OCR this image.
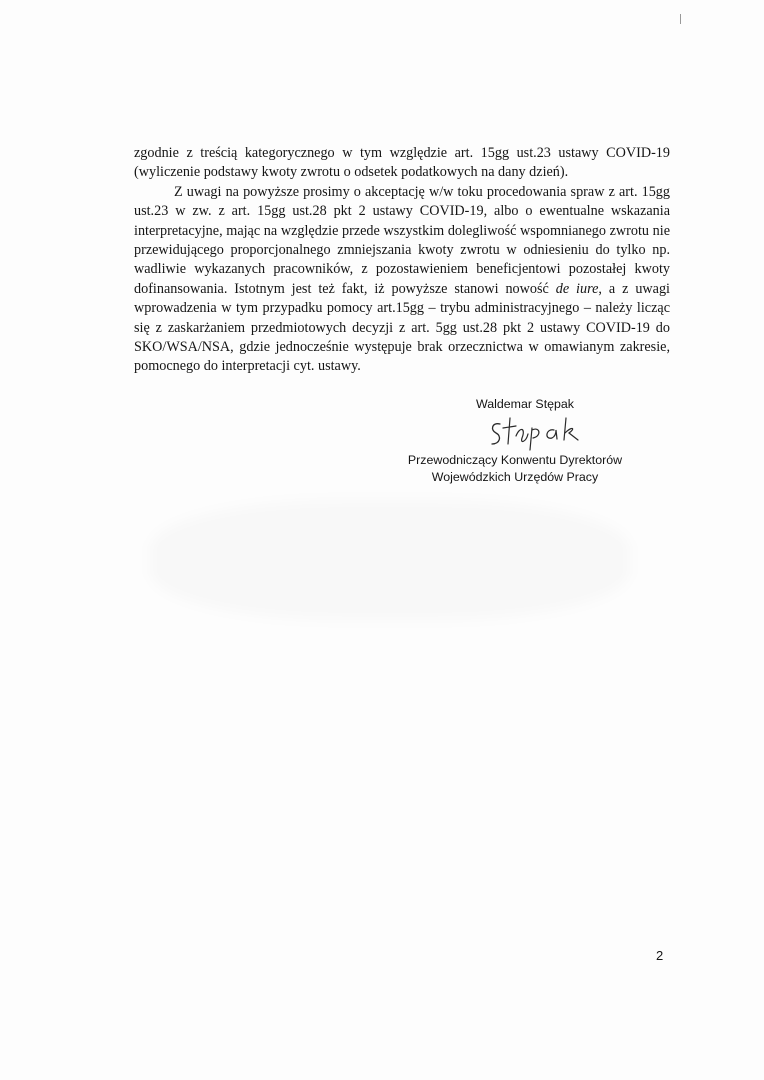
zgodnie z treścią kategorycznego w tym względzie art. 15gg ust.23 ustawy COVID-19 (wyliczenie podstawy kwoty zwrotu o odsetek podatkowych na dany dzień).

Z uwagi na powyższe prosimy o akceptację w/w toku procedowania spraw z art. 15gg ust.23 w zw. z art. 15gg ust.28 pkt 2 ustawy COVID-19, albo o ewentualne wskazania interpretacyjne, mając na względzie przede wszystkim dolegliwość wspomnianego zwrotu nie przewidującego proporcjonalnego zmniejszania kwoty zwrotu w odniesieniu do tylko np. wadliwie wykazanych pracowników, z pozostawieniem beneficjentowi pozostałej kwoty dofinansowania. Istotnym jest też fakt, iż powyższe stanowi nowość de iure, a z uwagi wprowadzenia w tym przypadku pomocy art.15gg – trybu administracyjnego – należy licząc się z zaskarżaniem przedmiotowych decyzji z art. 5gg ust.28 pkt 2 ustawy COVID-19 do SKO/WSA/NSA, gdzie jednocześnie występuje brak orzecznictwa w omawianym zakresie, pomocnego do interpretacji cyt. ustawy.

Waldemar Stępak
Przewodniczący Konwentu Dyrektorów
Wojewódzkich Urzędów Pracy
2
